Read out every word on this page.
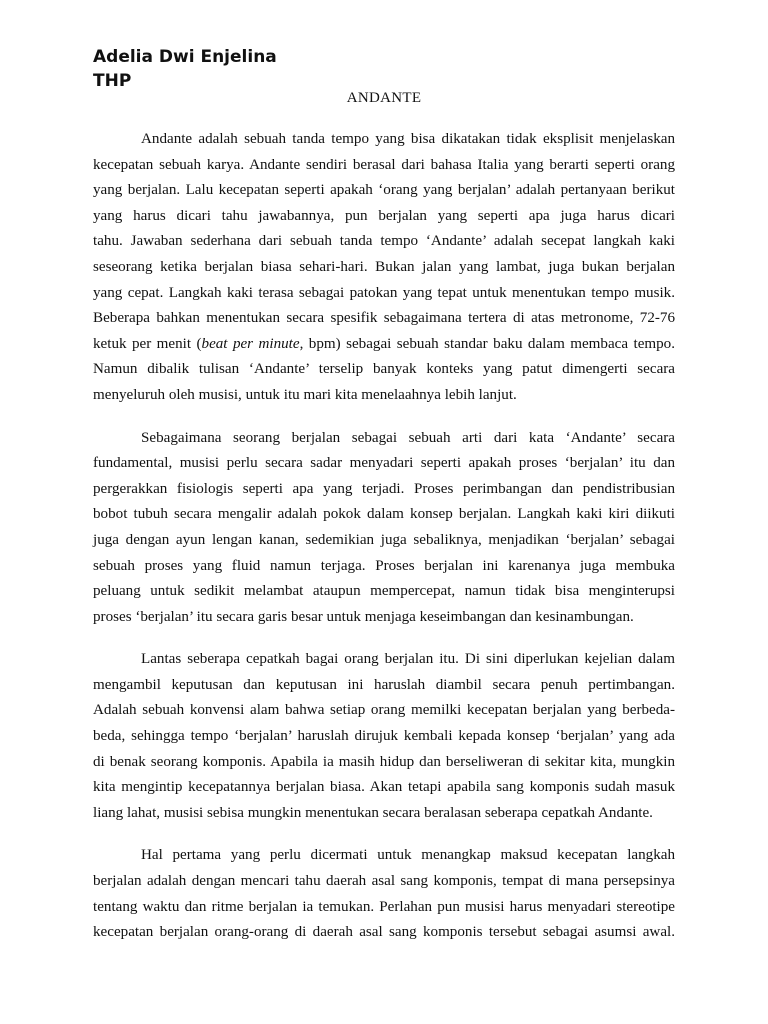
Adelia Dwi Enjelina
THP
ANDANTE
Andante adalah sebuah tanda tempo yang bisa dikatakan tidak eksplisit menjelaskan
kecepatan sebuah karya. Andante sendiri berasal dari bahasa Italia yang berarti seperti orang
yang berjalan. Lalu kecepatan seperti apakah ‘orang yang berjalan’ adalah pertanyaan berikut
yang harus dicari tahu jawabannya, pun berjalan yang seperti apa juga harus dicari
tahu. Jawaban sederhana dari sebuah tanda tempo ‘Andante’ adalah secepat langkah kaki
seseorang ketika berjalan biasa sehari-hari. Bukan jalan yang lambat, juga bukan berjalan
yang cepat. Langkah kaki terasa sebagai patokan yang tepat untuk menentukan tempo musik.
Beberapa bahkan menentukan secara spesifik sebagaimana tertera di atas metronome, 72-76
ketuk per menit (beat per minute, bpm) sebagai sebuah standar baku dalam membaca tempo.
Namun dibalik tulisan ‘Andante’ terselip banyak konteks yang patut dimengerti secara
menyeluruh oleh musisi, untuk itu mari kita menelaahnya lebih lanjut.
Sebagaimana seorang berjalan sebagai sebuah arti dari kata ‘Andante’ secara
fundamental, musisi perlu secara sadar menyadari seperti apakah proses ‘berjalan’ itu dan
pergerakkan fisiologis seperti apa yang terjadi. Proses perimbangan dan pendistribusian
bobot tubuh secara mengalir adalah pokok dalam konsep berjalan. Langkah kaki kiri diikuti
juga dengan ayun lengan kanan, sedemikian juga sebaliknya, menjadikan ‘berjalan’ sebagai
sebuah proses yang fluid namun terjaga. Proses berjalan ini karenanya juga membuka
peluang untuk sedikit melambat ataupun mempercepat, namun tidak bisa menginterupsi
proses ‘berjalan’ itu secara garis besar untuk menjaga keseimbangan dan kesinambungan.
Lantas seberapa cepatkah bagai orang berjalan itu. Di sini diperlukan kejelian dalam
mengambil keputusan dan keputusan ini haruslah diambil secara penuh pertimbangan.
Adalah sebuah konvensi alam bahwa setiap orang memilki kecepatan berjalan yang berbeda-
beda, sehingga tempo ‘berjalan’ haruslah dirujuk kembali kepada konsep ‘berjalan’ yang ada
di benak seorang komponis. Apabila ia masih hidup dan berseliweran di sekitar kita, mungkin
kita mengintip kecepatannya berjalan biasa. Akan tetapi apabila sang komponis sudah masuk
liang lahat, musisi sebisa mungkin menentukan secara beralasan seberapa cepatkah Andante.
Hal pertama yang perlu dicermati untuk menangkap maksud kecepatan langkah
berjalan adalah dengan mencari tahu daerah asal sang komponis, tempat di mana persepsinya
tentang waktu dan ritme berjalan ia temukan. Perlahan pun musisi harus menyadari stereotipe
kecepatan berjalan orang-orang di daerah asal sang komponis tersebut sebagai asumsi awal.
